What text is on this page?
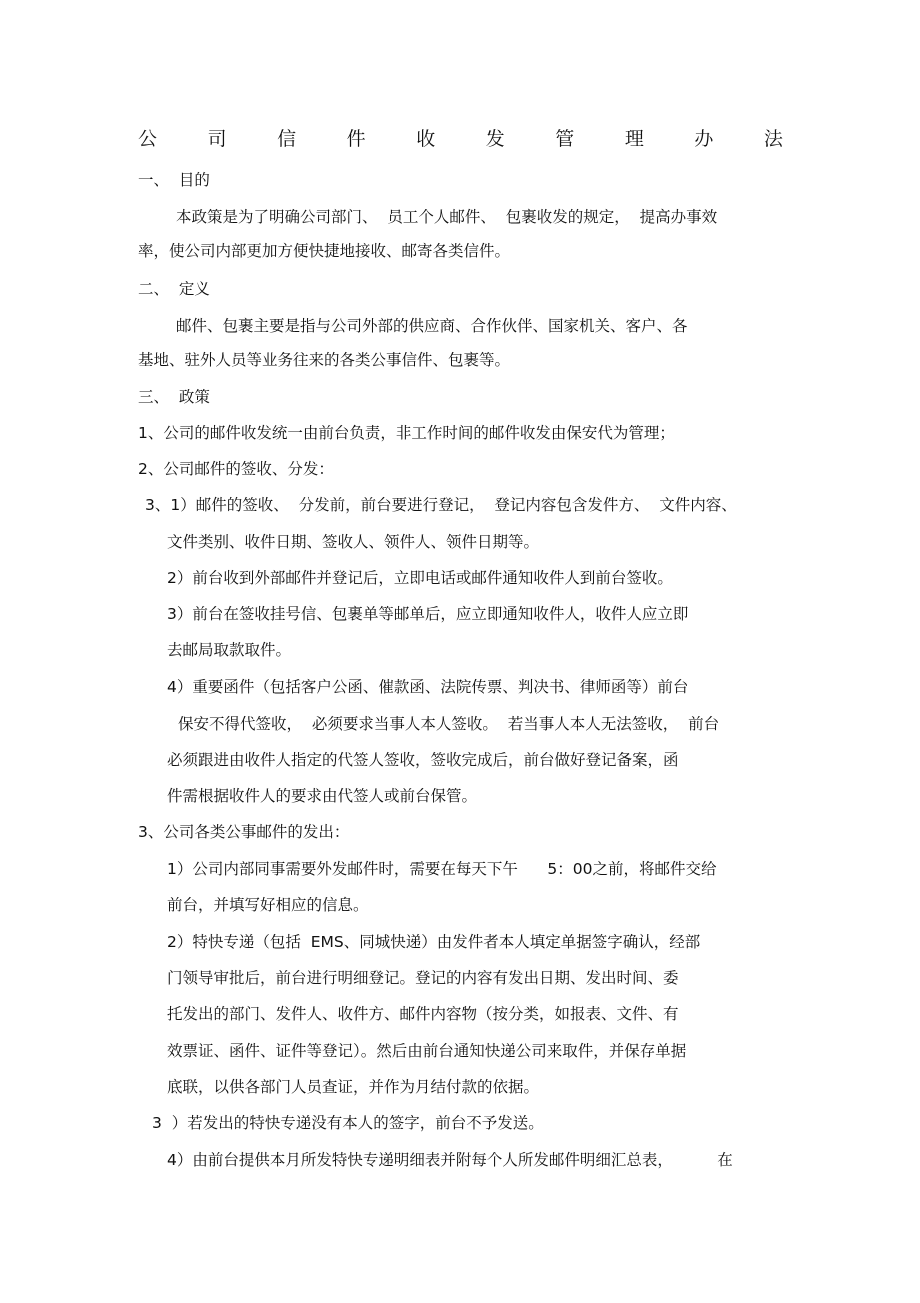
公	司	信	件	收	发	管	理	办	法

一、  目的

本政策是为了明确公司部门、  员工个人邮件、  包裹收发的规定，  提高办事效

率，使公司内部更加方便快捷地接收、邮寄各类信件。

二、  定义

邮件、包裹主要是指与公司外部的供应商、合作伙伴、国家机关、客户、各

基地、驻外人员等业务往来的各类公事信件、包裹等。

三、  政策

1、公司的邮件收发统一由前台负责，非工作时间的邮件收发由保安代为管理；

2、公司邮件的签收、分发：

3、1）邮件的签收、  分发前，前台要进行登记，  登记内容包含发件方、  文件内容、

文件类别、收件日期、签收人、领件人、领件日期等。

2）前台收到外部邮件并登记后，立即电话或邮件通知收件人到前台签收。

3）前台在签收挂号信、包裹单等邮单后，应立即通知收件人，收件人应立即

去邮局取款取件。

4）重要函件（包括客户公函、催款函、法院传票、判决书、律师函等）前台

保安不得代签收，  必须要求当事人本人签收。  若当事人本人无法签收，  前台

必须跟进由收件人指定的代签人签收，签收完成后，前台做好登记备案，函

件需根据收件人的要求由代签人或前台保管。

3、公司各类公事邮件的发出：

1）公司内部同事需要外发邮件时，需要在每天下午      5：00之前，将邮件交给

前台，并填写好相应的信息。

2）特快专递（包括  EMS、同城快递）由发件者本人填定单据签字确认，经部

门领导审批后，前台进行明细登记。登记的内容有发出日期、发出时间、委

托发出的部门、发件人、收件方、邮件内容物（按分类，如报表、文件、有

效票证、函件、证件等登记）。然后由前台通知快递公司来取件，并保存单据

底联，以供各部门人员查证，并作为月结付款的依据。

3  ）若发出的特快专递没有本人的签字，前台不予发送。

4）由前台提供本月所发特快专递明细表并附每个人所发邮件明细汇总表，         在
